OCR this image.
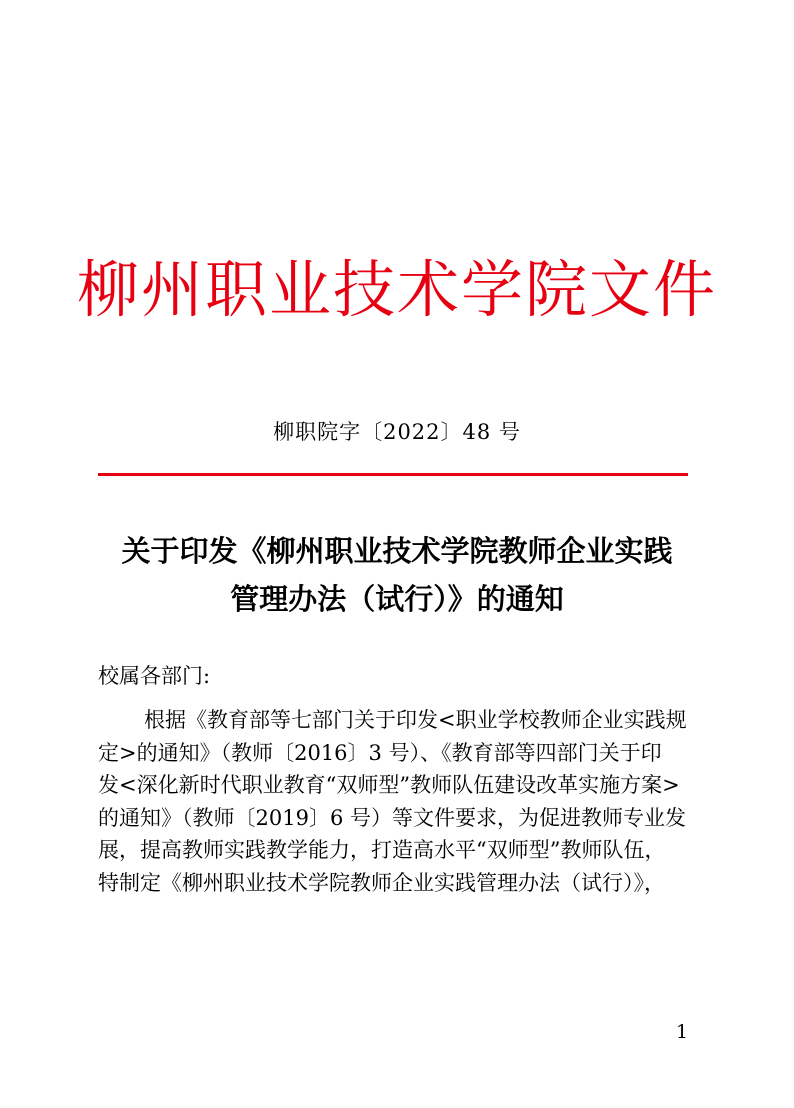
柳州职业技术学院文件
柳职院字〔2022〕48 号
关于印发《柳州职业技术学院教师企业实践
管理办法（试行）》的通知
校属各部门:
根据《教育部等七部门关于印发<职业学校教师企业实践规
定>的通知》（教师〔2016〕3 号）、《教育部等四部门关于印
发<深化新时代职业教育“双师型”教师队伍建设改革实施方案>
的通知》（教师〔2019〕6 号）等文件要求，为促进教师专业发
展，提高教师实践教学能力，打造高水平“双师型”教师队伍，
特制定《柳州职业技术学院教师企业实践管理办法（试行）》，
1
